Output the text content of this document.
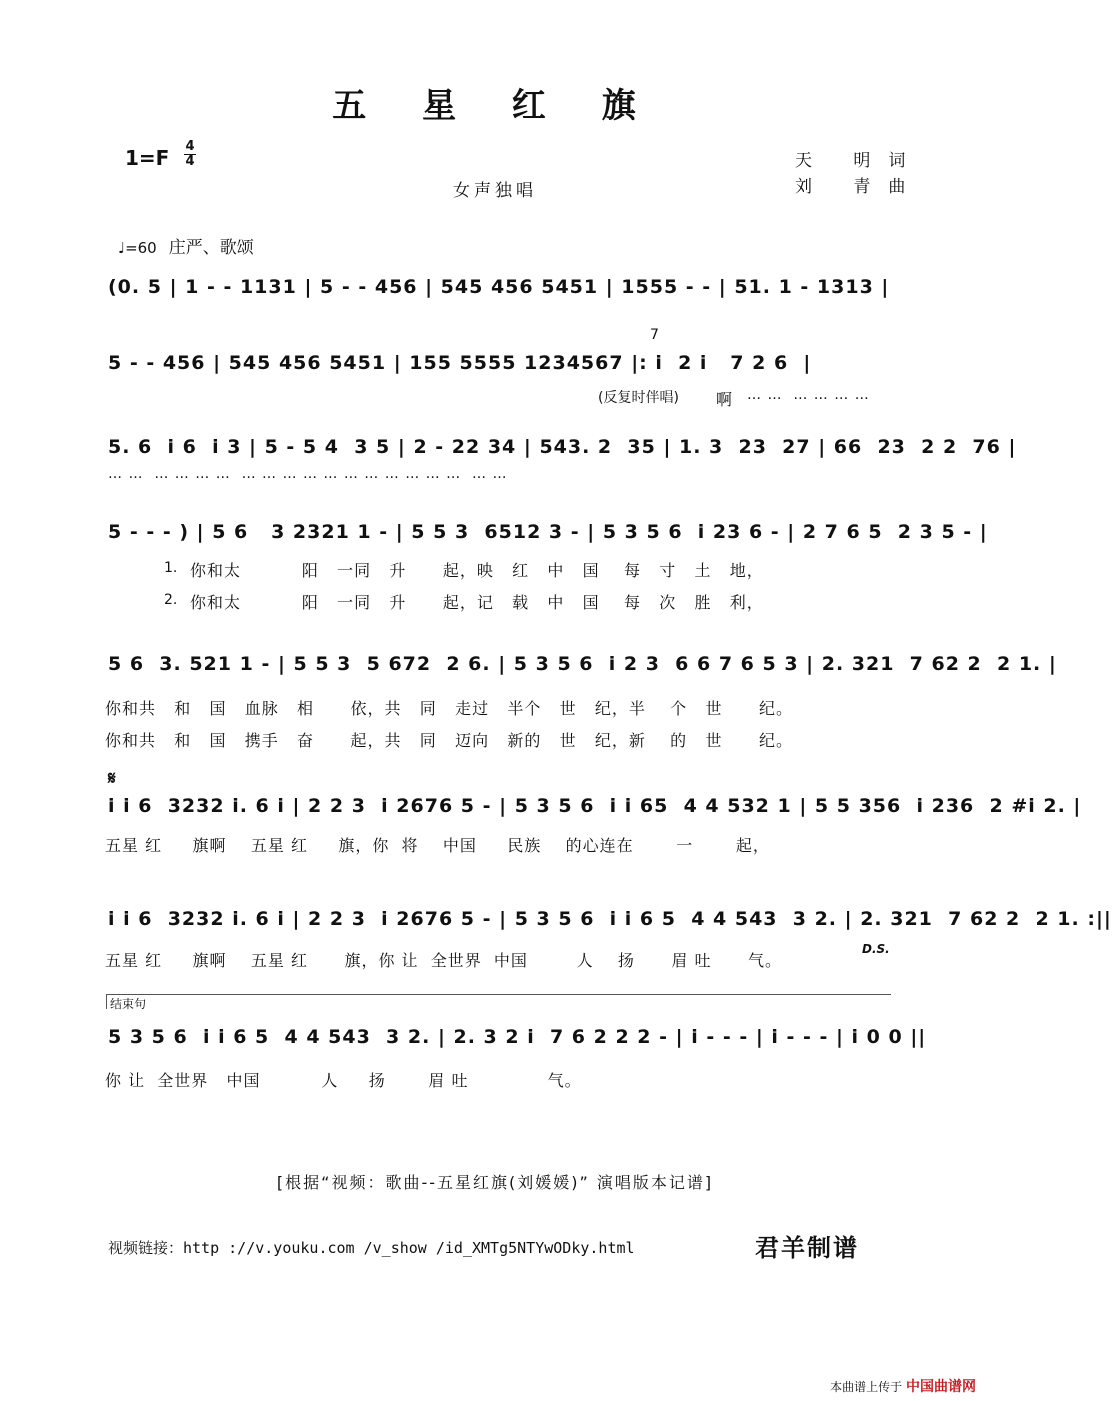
五 星 红 旗
1=F 4
4	天 明词
刘 青曲
女声独唱
♩=60 庄严、歌颂
(0. 5 | 1 - - 1131 | 5 - - 456 | 545 456 5451 | 1555 - - | 51. 1 - 1313 |
5 - - 456 | 545 456 5451 | 155 5555 1234567 |: i  2 i   7 2 6  |
7
(反复时伴唱) 啊 … …  … … … …
5. 6  i 6  i 3 | 5 - 5 4  3 5 | 2 - 22 34 | 543. 2  35 | 1. 3  23  27 | 66  23  2 2  76 |
… …  … … … …  … … … … … … … … … … …  … …
5 - - - ) | 5 6   3 2321 1 - | 5 5 3  6512 3 - | 5 3 5 6  i 23 6 - | 2 7 6 5  2 3 5 - |
1.
2.
你和太          阳   一同   升      起，映   红   中   国    每   寸   土   地，
你和太          阳   一同   升      起，记   载   中   国    每   次   胜   利，
5 6  3. 521 1 - | 5 5 3  5 672  2 6. | 5 3 5 6  i 2 3  6 6 7 6 5 3 | 2. 321  7 62 2  2 1. |
你和共   和   国   血脉   相      依，共   同   走过   半个   世   纪，半    个   世      纪。
你和共   和   国   携手   奋      起，共   同   迈向   新的   世   纪，新    的   世      纪。
𝄋
i i 6  3232 i. 6 i | 2 2 3  i 2676 5 - | 5 3 5 6  i i 65  4 4 532 1 | 5 5 356  i 236  2 #i 2. |
五星 红     旗啊    五星 红     旗，你  将    中国     民族    的心连在       一       起，
i i 6  3232 i. 6 i | 2 2 3  i 2676 5 - | 5 3 5 6  i i 6 5  4 4 543  3 2. | 2. 321  7 62 2  2 1. :||
五星 红     旗啊    五星 红      旗，你 让  全世界  中国        人    扬      眉 吐      气。
D.S.
结束句
5 3 5 6  i i 6 5  4 4 543  3 2. | 2. 3 2 i  7 6 2 2 2 - | i - - - | i - - - | i 0 0 ||
你 让  全世界   中国          人     扬       眉 吐             气。
[根据“视频：歌曲--五星红旗(刘媛媛)” 演唱版本记谱]
视频链接：http ://v.youku.com /v_show /id_XMTg5NTYwODky.html	君羊制谱
本曲谱上传于 中国曲谱网
